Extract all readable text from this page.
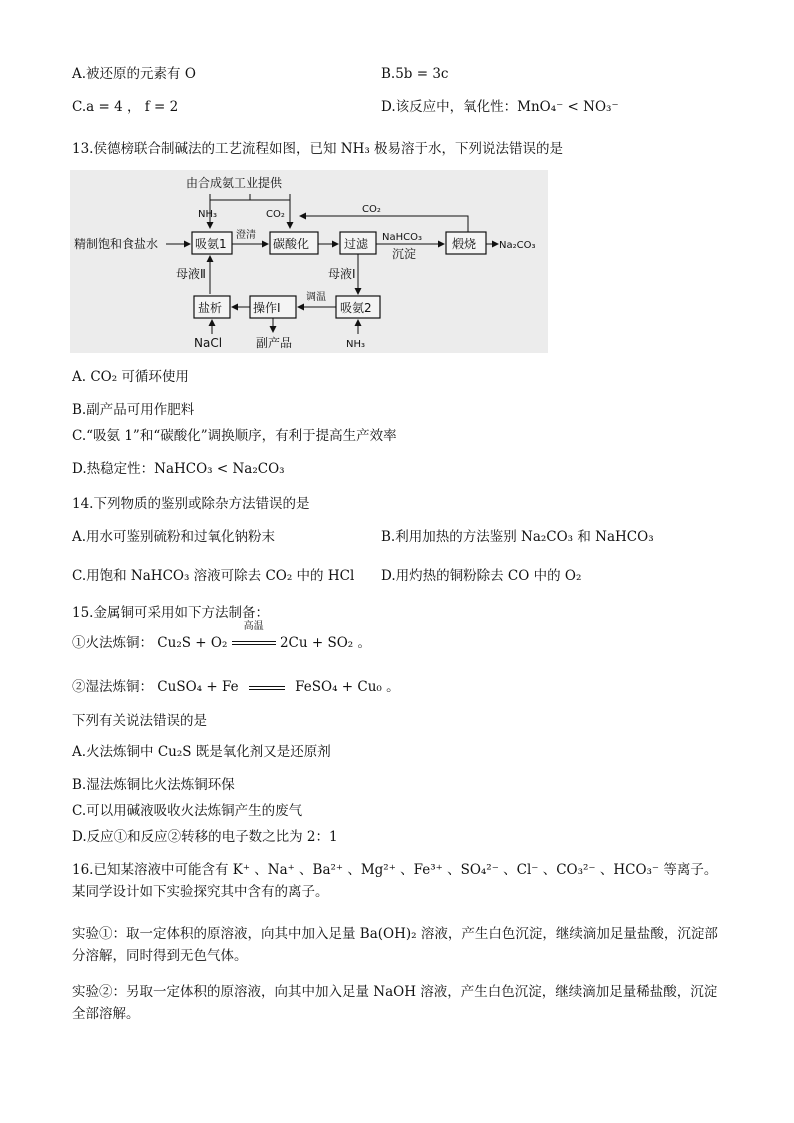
A.被还原的元素有 O	B.5b = 3c
C.a = 4 ， f = 2	D.该反应中，氧化性：MnO₄⁻ < NO₃⁻
13.侯德榜联合制碱法的工艺流程如图，已知 NH₃ 极易溶于水，下列说法错误的是
由合成氨工业提供
NH₃	CO₂	CO₂
精制饱和食盐水	吸氨1
澄清
碳酸化	过滤 NaHCO₃
沉淀
煅烧 Na₂CO₃
母液Ⅱ	母液Ⅰ
盐析	操作Ⅰ	吸氨2
调温
NaCl	副产品	NH₃
A. CO₂ 可循环使用
B.副产品可用作肥料
C.“吸氨 1”和“碳酸化”调换顺序，有利于提高生产效率
D.热稳定性：NaHCO₃ < Na₂CO₃
14.下列物质的鉴别或除杂方法错误的是
A.用水可鉴别硫粉和过氧化钠粉末	B.利用加热的方法鉴别 Na₂CO₃ 和 NaHCO₃
C.用饱和 NaHCO₃ 溶液可除去 CO₂ 中的 HCl D.用灼热的铜粉除去 CO 中的 O₂
15.金属铜可采用如下方法制备：
①火法炼铜： Cu₂S + O₂
高温
2Cu + SO₂ 。
②湿法炼铜： CuSO₄ + Fe	FeSO₄ + Cu₀ 。
下列有关说法错误的是
A.火法炼铜中 Cu₂S 既是氧化剂又是还原剂
B.湿法炼铜比火法炼铜环保
C.可以用碱液吸收火法炼铜产生的废气
D.反应①和反应②转移的电子数之比为 2：1
16.已知某溶液中可能含有 K⁺ 、Na⁺ 、Ba²⁺ 、Mg²⁺ 、Fe³⁺ 、SO₄²⁻ 、Cl⁻ 、CO₃²⁻ 、HCO₃⁻ 等离子。某同学设计如下实验探究其中含有的离子。
实验①：取一定体积的原溶液，向其中加入足量 Ba(OH)₂ 溶液，产生白色沉淀，继续滴加足量盐酸，沉淀部分溶解，同时得到无色气体。
实验②：另取一定体积的原溶液，向其中加入足量 NaOH 溶液，产生白色沉淀，继续滴加足量稀盐酸，沉淀全部溶解。
